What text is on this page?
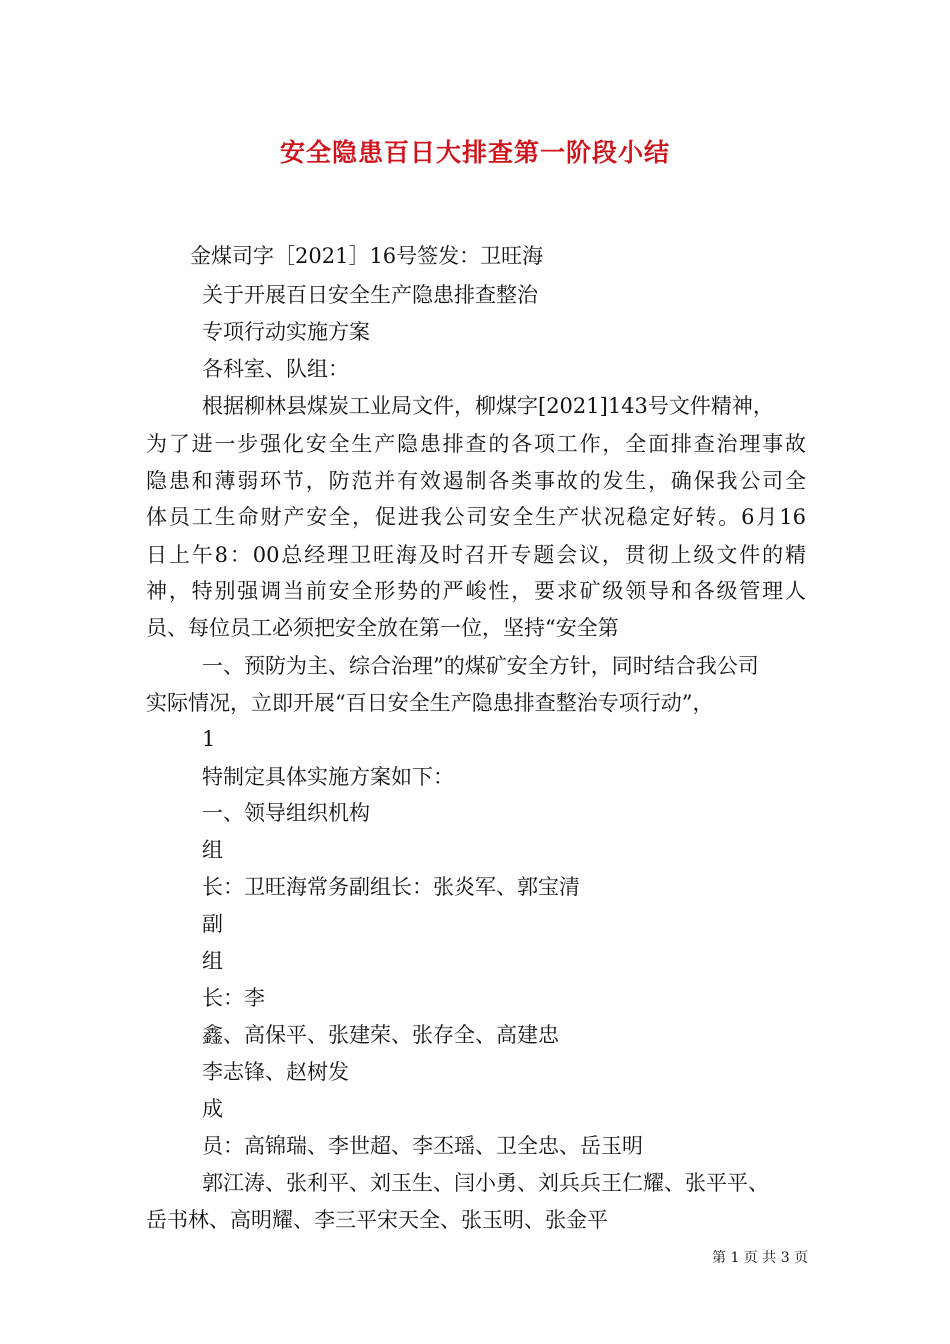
安全隐患百日大排查第一阶段小结
金煤司字［2021］16号签发：卫旺海
关于开展百日安全生产隐患排查整治
专项行动实施方案
各科室、队组：
根据柳林县煤炭工业局文件，柳煤字[2021]143号文件精神，
为了进一步强化安全生产隐患排查的各项工作，全面排查治理事故
隐患和薄弱环节，防范并有效遏制各类事故的发生，确保我公司全
体员工生命财产安全，促进我公司安全生产状况稳定好转。6月16
日上午8：00总经理卫旺海及时召开专题会议，贯彻上级文件的精
神，特别强调当前安全形势的严峻性，要求矿级领导和各级管理人
员、每位员工必须把安全放在第一位，坚持“安全第
一、预防为主、综合治理”的煤矿安全方针，同时结合我公司
实际情况，立即开展“百日安全生产隐患排查整治专项行动”，
1
特制定具体实施方案如下：
一、领导组织机构
组
长：卫旺海常务副组长：张炎军、郭宝清
副
组
长：李
鑫、高保平、张建荣、张存全、高建忠
李志锋、赵树发
成
员：高锦瑞、李世超、李丕瑶、卫全忠、岳玉明
郭江涛、张利平、刘玉生、闫小勇、刘兵兵王仁耀、张平平、
岳书林、高明耀、李三平宋天全、张玉明、张金平
第 1 页 共 3 页
